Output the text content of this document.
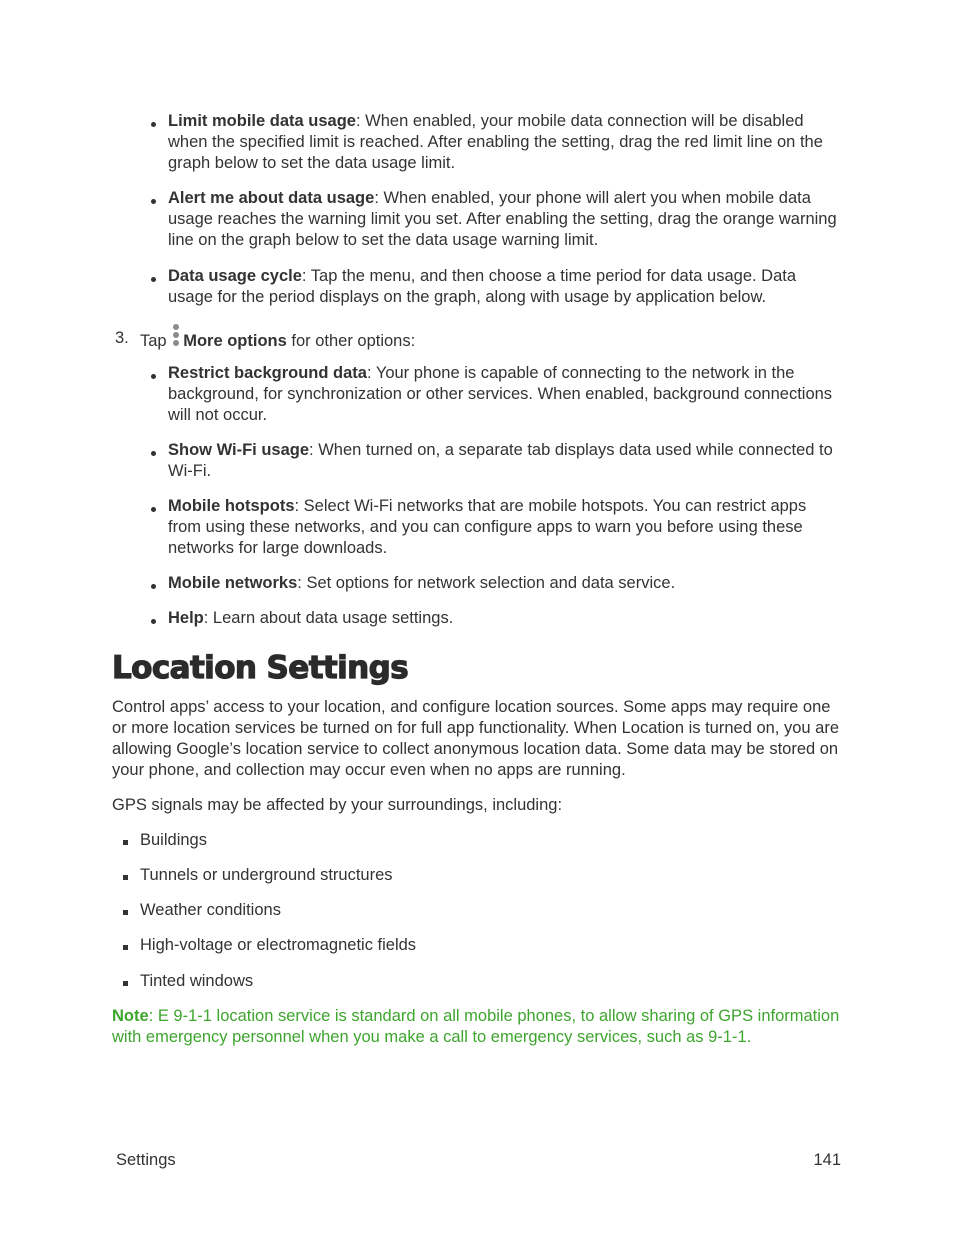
Limit mobile data usage: When enabled, your mobile data connection will be disabled when the specified limit is reached. After enabling the setting, drag the red limit line on the graph below to set the data usage limit.
Alert me about data usage: When enabled, your phone will alert you when mobile data usage reaches the warning limit you set. After enabling the setting, drag the orange warning line on the graph below to set the data usage warning limit.
Data usage cycle: Tap the menu, and then choose a time period for data usage. Data usage for the period displays on the graph, along with usage by application below.
3. Tap More options for other options:
Restrict background data: Your phone is capable of connecting to the network in the background, for synchronization or other services. When enabled, background connections will not occur.
Show Wi-Fi usage: When turned on, a separate tab displays data used while connected to Wi-Fi.
Mobile hotspots: Select Wi-Fi networks that are mobile hotspots. You can restrict apps from using these networks, and you can configure apps to warn you before using these networks for large downloads.
Mobile networks: Set options for network selection and data service.
Help: Learn about data usage settings.
Location Settings
Control apps’ access to your location, and configure location sources. Some apps may require one or more location services be turned on for full app functionality. When Location is turned on, you are allowing Google’s location service to collect anonymous location data. Some data may be stored on your phone, and collection may occur even when no apps are running.
GPS signals may be affected by your surroundings, including:
Buildings
Tunnels or underground structures
Weather conditions
High-voltage or electromagnetic fields
Tinted windows
Note: E 9-1-1 location service is standard on all mobile phones, to allow sharing of GPS information with emergency personnel when you make a call to emergency services, such as 9-1-1.
Settings	141
